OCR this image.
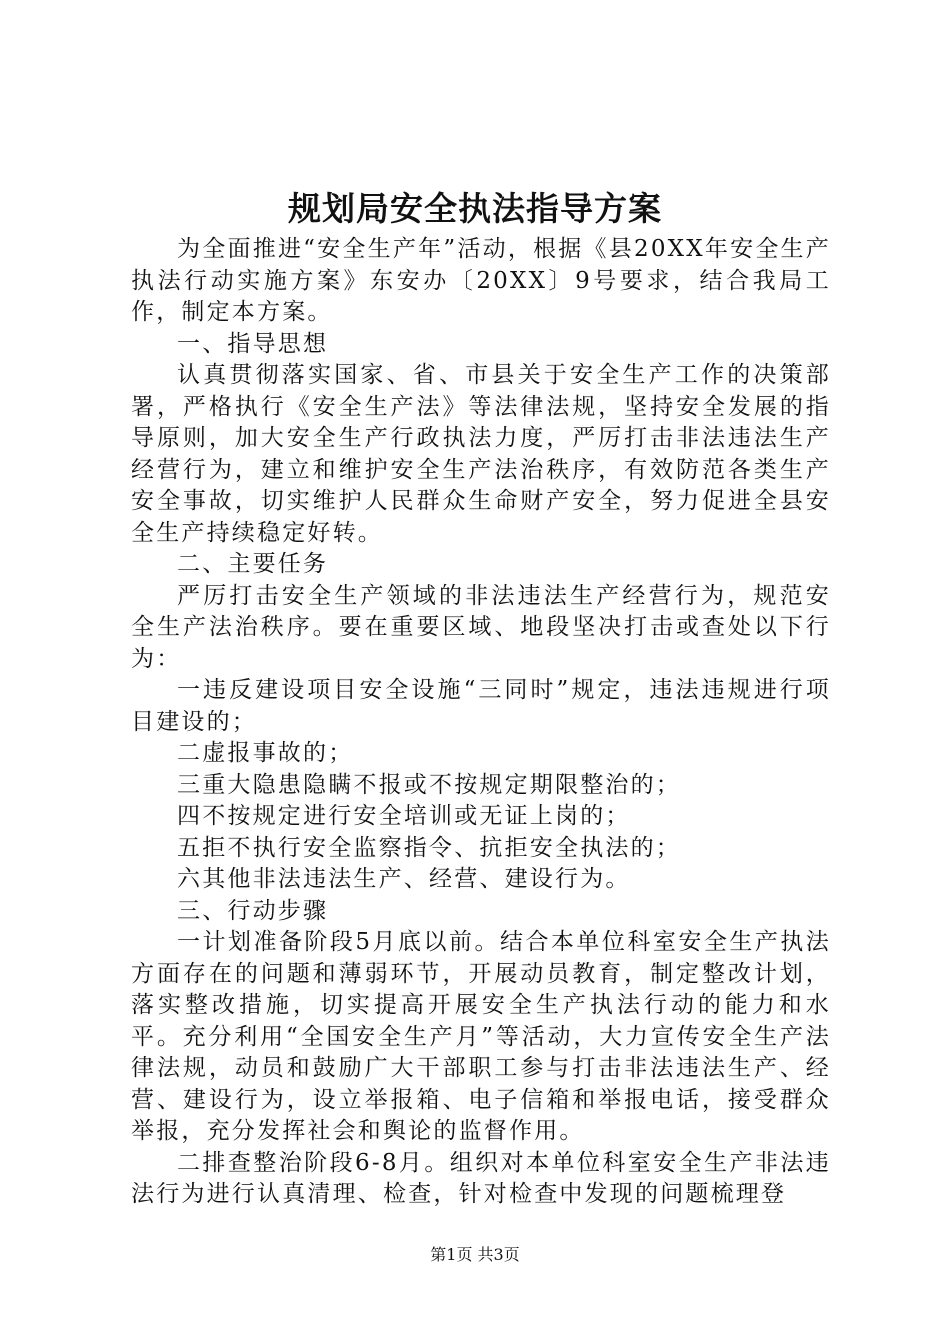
规划局安全执法指导方案

为全面推进“安全生产年”活动，根据《县20XX年安全生产执法行动实施方案》东安办〔20XX〕9号要求，结合我局工作，制定本方案。

一、指导思想

认真贯彻落实国家、省、市县关于安全生产工作的决策部署，严格执行《安全生产法》等法律法规，坚持安全发展的指导原则，加大安全生产行政执法力度，严厉打击非法违法生产经营行为，建立和维护安全生产法治秩序，有效防范各类生产安全事故，切实维护人民群众生命财产安全，努力促进全县安全生产持续稳定好转。

二、主要任务

严厉打击安全生产领域的非法违法生产经营行为，规范安全生产法治秩序。要在重要区域、地段坚决打击或查处以下行为：

一违反建设项目安全设施“三同时”规定，违法违规进行项目建设的；

二虚报事故的；

三重大隐患隐瞒不报或不按规定期限整治的；

四不按规定进行安全培训或无证上岗的；

五拒不执行安全监察指令、抗拒安全执法的；

六其他非法违法生产、经营、建设行为。

三、行动步骤

一计划准备阶段5月底以前。结合本单位科室安全生产执法方面存在的问题和薄弱环节，开展动员教育，制定整改计划，落实整改措施，切实提高开展安全生产执法行动的能力和水平。充分利用“全国安全生产月”等活动，大力宣传安全生产法律法规，动员和鼓励广大干部职工参与打击非法违法生产、经营、建设行为，设立举报箱、电子信箱和举报电话，接受群众举报，充分发挥社会和舆论的监督作用。

二排查整治阶段6-8月。组织对本单位科室安全生产非法违法行为进行认真清理、检查，针对检查中发现的问题梳理登

第1页 共3页
